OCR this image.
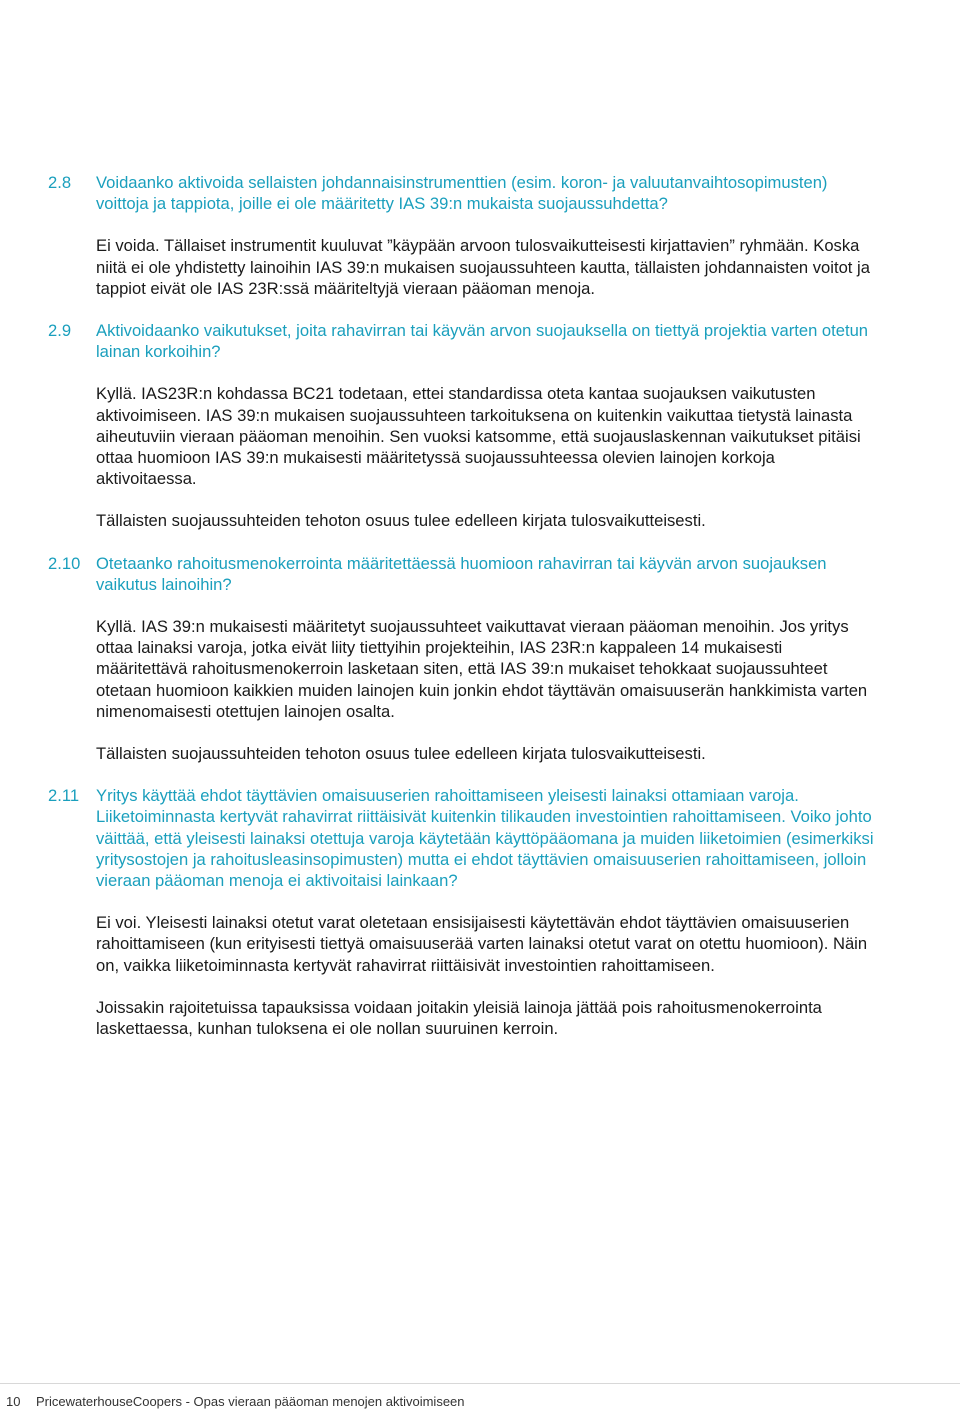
2.8	Voidaanko aktivoida sellaisten johdannaisinstrumenttien (esim. koron- ja valuutanvaihtosopimusten) voittoja ja tappiota, joille ei ole määritetty IAS 39:n mukaista suojaussuhdetta?

Ei voida. Tällaiset instrumentit kuuluvat ”käypään arvoon tulosvaikutteisesti kirjattavien” ryhmään. Koska niitä ei ole yhdistetty lainoihin IAS 39:n mukaisen suojaussuhteen kautta, tällaisten johdannaisten voitot ja tappiot eivät ole IAS 23R:ssä määriteltyjä vieraan pääoman menoja.

2.9	Aktivoidaanko vaikutukset, joita rahavirran tai käyvän arvon suojauksella on tiettyä projektia varten otetun lainan korkoihin?

Kyllä. IAS23R:n kohdassa BC21 todetaan, ettei standardissa oteta kantaa suojauksen vaikutusten aktivoimiseen. IAS 39:n mukaisen suojaussuhteen tarkoituksena on kuitenkin vaikuttaa tietystä lainasta aiheutuviin vieraan pääoman menoihin. Sen vuoksi katsomme, että suojauslaskennan vaikutukset pitäisi ottaa huomioon IAS 39:n mukaisesti määritetyssä suojaussuhteessa olevien lainojen korkoja aktivoitaessa.

Tällaisten suojaussuhteiden tehoton osuus tulee edelleen kirjata tulosvaikutteisesti.

2.10 Otetaanko rahoitusmenokerrointa määritettäessä huomioon rahavirran tai käyvän arvon suojauksen vaikutus lainoihin?

Kyllä. IAS 39:n mukaisesti määritetyt suojaussuhteet vaikuttavat vieraan pääoman menoihin. Jos yritys ottaa lainaksi varoja, jotka eivät liity tiettyihin projekteihin, IAS 23R:n kappaleen 14 mukaisesti määritettävä rahoitusmenokerroin lasketaan siten, että IAS 39:n mukaiset tehokkaat suojaussuhteet otetaan huomioon kaikkien muiden lainojen kuin jonkin ehdot täyttävän omaisuuserän hankkimista varten nimenomaisesti otettujen lainojen osalta.

Tällaisten suojaussuhteiden tehoton osuus tulee edelleen kirjata tulosvaikutteisesti.

2.11	Yritys käyttää ehdot täyttävien omaisuuserien rahoittamiseen yleisesti lainaksi ottamiaan varoja. Liiketoiminnasta kertyvät rahavirrat riittäisivät kuitenkin tilikauden investointien rahoittamiseen. Voiko johto väittää, että yleisesti lainaksi otettuja varoja käytetään käyttöpääomana ja muiden liiketoimien (esimerkiksi yritysostojen ja rahoitusleasinsopimusten) mutta ei ehdot täyttävien omaisuuserien rahoittamiseen, jolloin vieraan pääoman menoja ei aktivoitaisi lainkaan?

Ei voi. Yleisesti lainaksi otetut varat oletetaan ensisijaisesti käytettävän ehdot täyttävien omaisuuserien rahoittamiseen (kun erityisesti tiettyä omaisuuserää varten lainaksi otetut varat on otettu huomioon). Näin on, vaikka liiketoiminnasta kertyvät rahavirrat riittäisivät investointien rahoittamiseen.

Joissakin rajoitetuissa tapauksissa voidaan joitakin yleisiä lainoja jättää pois rahoitusmenokerrointa laskettaessa, kunhan tuloksena ei ole nollan suuruinen kerroin.

10 PricewaterhouseCoopers - Opas vieraan pääoman menojen aktivoimiseen
